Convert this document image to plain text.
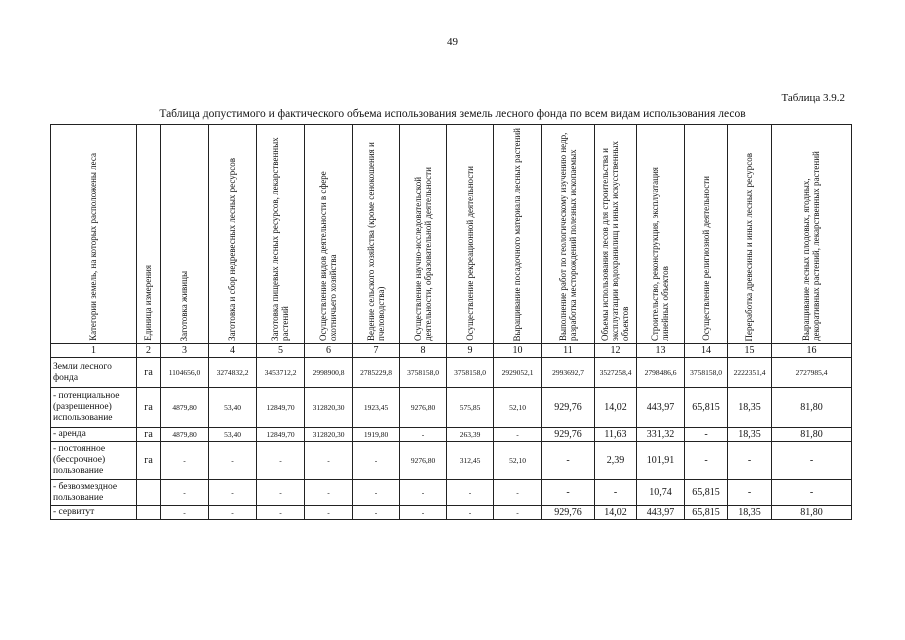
49
Таблица 3.9.2
Таблица допустимого и фактического объема использования земель лесного фонда по всем видам использования лесов
Категории земель, на которых расположены леса	Единица измерения	Заготовка живицы	Заготовка и сбор недревесных лесных ресурсов	Заготовка пищевых лесных ресурсов, лекарственных растений	Осуществление видов деятельности в сфере охотничьего хозяйства	Ведение сельского хозяйства (кроме сенокошения и пчеловодства)	Осуществление научно-исследовательской деятельности, образовательной деятельности	Осуществление рекреационной деятельности	Выращивание посадочного материала лесных растений	Выполнение работ по геологическому изучению недр, разработка месторождений полезных ископаемых	Объемы использования лесов для строительства и эксплуатации водохранилищ и иных искусственных объектов	Строительство, реконструкция, эксплуатация линейных объектов	Осуществление религиозной деятельности	Переработка древесины и иных лесных ресурсов	Выращивание лесных плодовых, ягодных, декоративных растений, лекарственных растений

1	2	3	4	5	6	7	8	9	10	11	12	13	14	15	16
Земли лесного фонда	га	1104656,0	3274832,2	3453712,2	2998900,8	2785229,8	3758158,0	3758158,0	2929052,1	2993692,7	3527258,4	2798486,6	3758158,0	2222351,4	2727985,4
- потенциальное (разрешенное) использование	га	4879,80	53,40	12849,70	312820,30	1923,45	9276,80	575,85	52,10	929,76	14,02	443,97	65,815	18,35	81,80
- аренда	га	4879,80	53,40	12849,70	312820,30	1919,80	-	263,39	-	929,76	11,63	331,32	-	18,35	81,80
- постоянное (бессрочное) пользование	га	-	-	-	-	-	9276,80	312,45	52,10	-	2,39	101,91	-	-	-
- безвозмездное пользование		-	-	-	-	-	-	-	-	-	-	10,74	65,815	-	-
- сервитут		-	-	-	-	-	-	-	-	929,76	14,02	443,97	65,815	18,35	81,80
